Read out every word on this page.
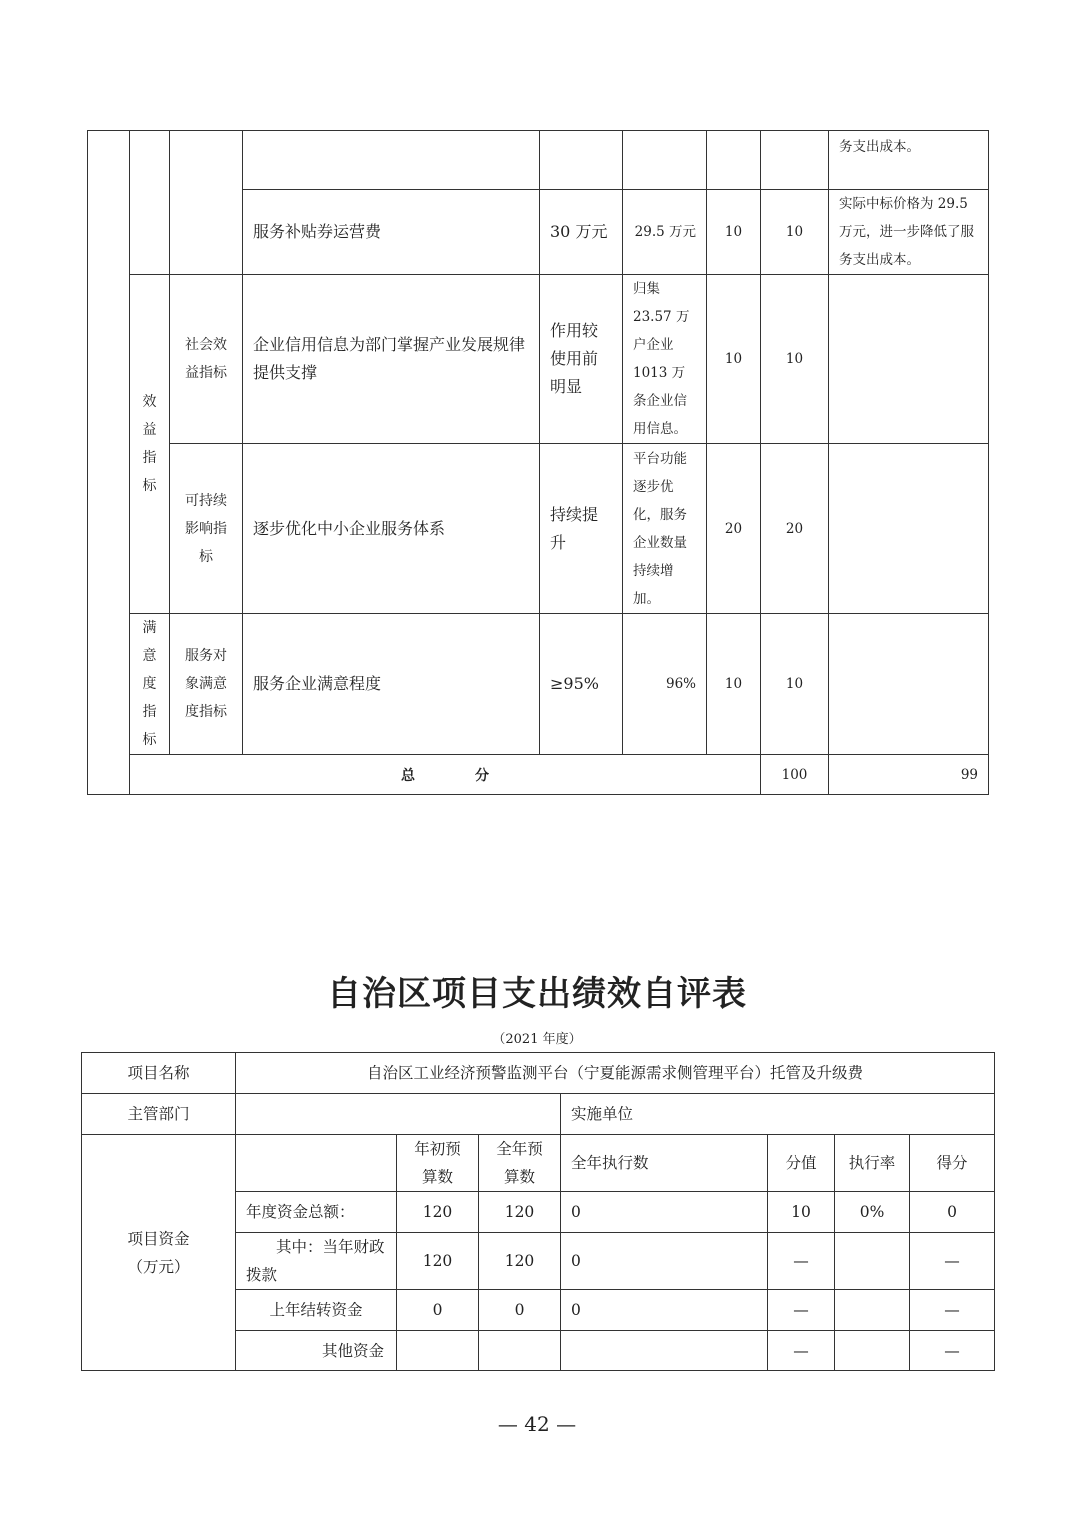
								务支出成本。	
			服务补贴券运营费	30 万元	29.5 万元	10	10	实际中标价格为 29.5 万元，进一步降低了服务支出成本。	

	效益指标	社会效益指标	企业信用信息为部门掌握产业发展规律提供支撑	作用较使用前明显	归集 23.57 万户企业 1013 万条企业信用信息。	10	10		

		可持续影响指标	逐步优化中小企业服务体系	持续提升	平台功能逐步优化，服务企业数量持续增加。	20	20		

	满意度指标	服务对象满意度指标	服务企业满意程度	≥95%	96%	10	10		
	总 分						100	99	
自治区项目支出绩效自评表
（2021 年度）
项目名称	自治区工业经济预警监测平台（宁夏能源需求侧管理平台）托管及升级费						
主管部门				实施单位			

项目资金（万元）		年初预算数	全年预算数	全年执行数	分值	执行率	得分
	年度资金总额：	120	120	0	10	0%	0
	其中：当年财政拨款	120	120	0	—		—
	上年结转资金	0	0	0	—		—
	其他资金				—		—
— 42 —
